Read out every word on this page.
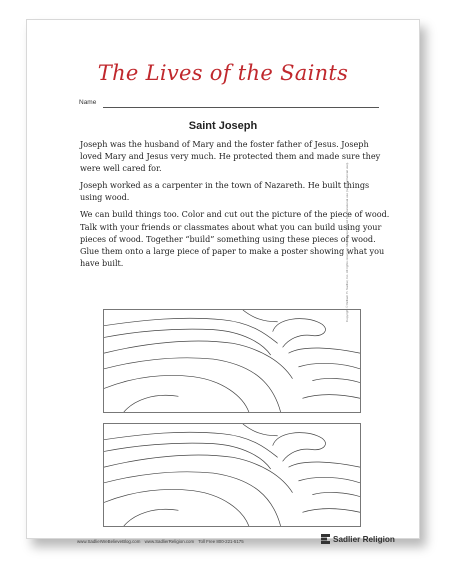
The Lives of the Saints
Name
Saint Joseph

Joseph was the husband of Mary and the foster father of Jesus. Joseph loved Mary and Jesus very much. He protected them and made sure they were well cared for.

Joseph worked as a carpenter in the town of Nazareth. He built things using wood.

We can build things too. Color and cut out the picture of the piece of wood. Talk with your friends or classmates about what you can build using your pieces of wood. Together “build” something using these pieces of wood. Glue them onto a large piece of paper to make a poster showing what you have built.	Copyright © William H. Sadlier, Inc. All rights reserved. May be reproduced for educational use (not commercial use).
www.SadlierWeBelieveBlog.com www.SadlierReligion.com Toll Free 800-221-5175	Sadlier Religion
